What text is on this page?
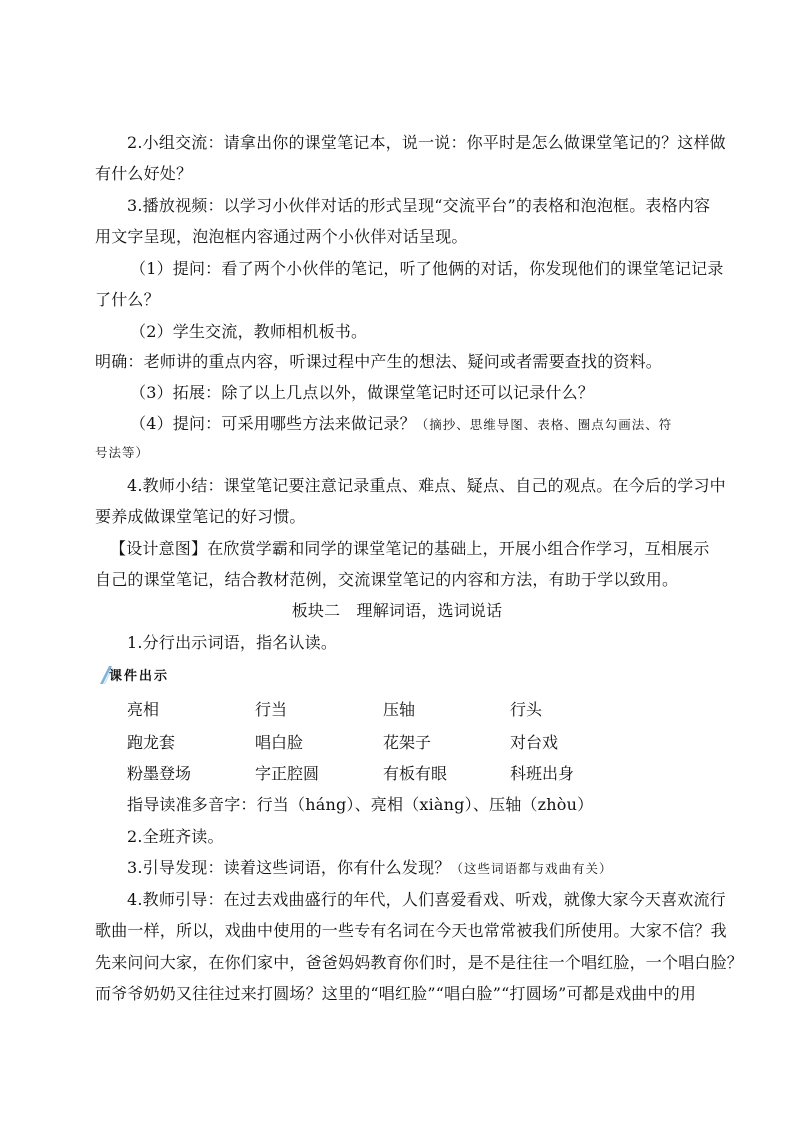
2.小组交流：请拿出你的课堂笔记本，说一说：你平时是怎么做课堂笔记的？这样做

有什么好处？

3.播放视频：以学习小伙伴对话的形式呈现“交流平台”的表格和泡泡框。表格内容

用文字呈现，泡泡框内容通过两个小伙伴对话呈现。

（1）提问：看了两个小伙伴的笔记，听了他俩的对话，你发现他们的课堂笔记记录

了什么？

（2）学生交流，教师相机板书。

明确：老师讲的重点内容，听课过程中产生的想法、疑问或者需要查找的资料。

（3）拓展：除了以上几点以外，做课堂笔记时还可以记录什么？

（4）提问：可采用哪些方法来做记录？（摘抄、思维导图、表格、圈点勾画法、符

号法等）

4.教师小结：课堂笔记要注意记录重点、难点、疑点、自己的观点。在今后的学习中

要养成做课堂笔记的好习惯。

【设计意图】在欣赏学霸和同学的课堂笔记的基础上，开展小组合作学习，互相展示

自己的课堂笔记，结合教材范例，交流课堂笔记的内容和方法，有助于学以致用。

板块二　理解词语，选词说话

1.分行出示词语，指名认读。

课件出示
亮相	行当	压轴	行头
跑龙套	唱白脸	花架子	对台戏
粉墨登场	字正腔圆	有板有眼	科班出身

指导读准多音字：行当（háng）、亮相（xiàng）、压轴（zhòu）

2.全班齐读。

3.引导发现：读着这些词语，你有什么发现？（这些词语都与戏曲有关）

4.教师引导：在过去戏曲盛行的年代，人们喜爱看戏、听戏，就像大家今天喜欢流行

歌曲一样，所以，戏曲中使用的一些专有名词在今天也常常被我们所使用。大家不信？我

先来问问大家，在你们家中，爸爸妈妈教育你们时，是不是往往一个唱红脸，一个唱白脸？

而爷爷奶奶又往往过来打圆场？这里的“唱红脸”“唱白脸”“打圆场”可都是戏曲中的用
